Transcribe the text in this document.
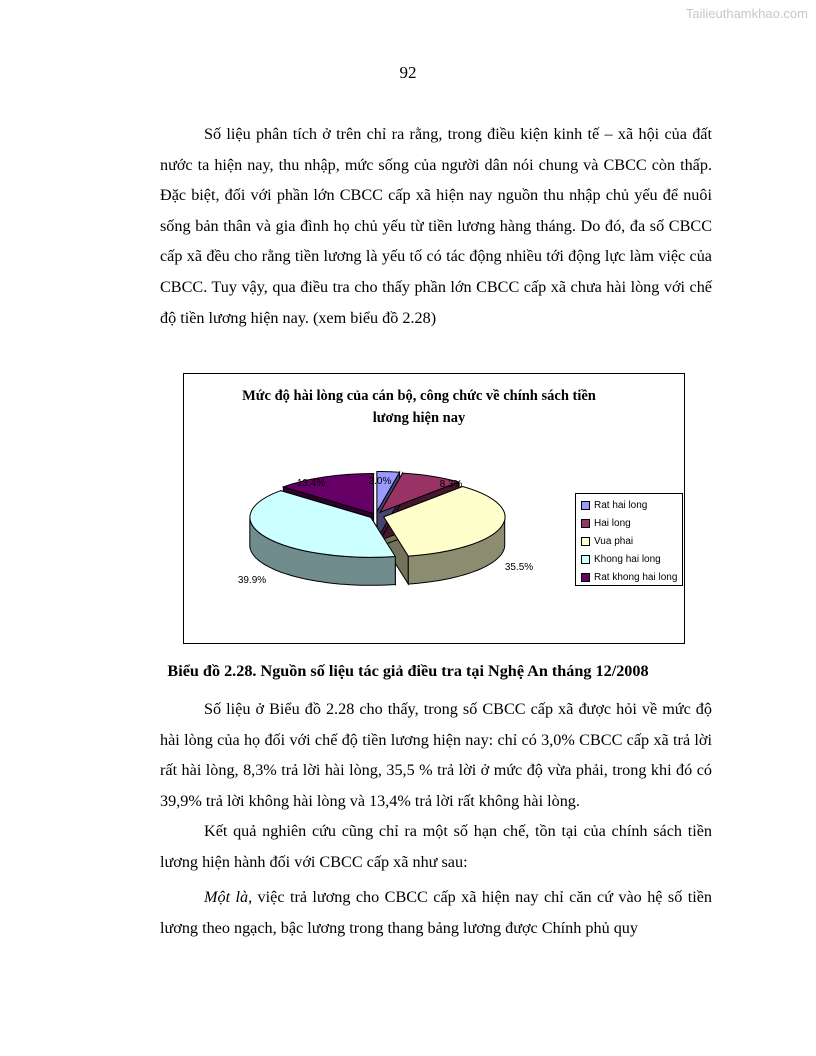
Tailieuthamkhao.com
92

Số liệu phân tích ở trên chỉ ra rằng, trong điều kiện kinh tế – xã hội của đất nước ta hiện nay, thu nhập, mức sống của người dân nói chung và CBCC còn thấp. Đặc biệt, đối với phần lớn CBCC cấp xã hiện nay nguồn thu nhập chủ yếu để nuôi sống bản thân và gia đình họ chủ yếu từ tiền lương hàng tháng. Do đó, đa số CBCC cấp xã đều cho rằng tiền lương là yếu tố có tác động nhiều tới động lực làm việc của CBCC. Tuy vậy, qua điều tra cho thấy phần lớn CBCC cấp xã chưa hài lòng với chế độ tiền lương hiện nay. (xem biểu đồ 2.28)

Mức độ hài lòng của cán bộ, công chức về chính sách tiền
lương hiện nay
3.0%	8.3%
35.5%
39.9%
13.4%
Rat hai long
Hai long
Vua phai
Khong hai long
Rat khong hai long
Biểu đồ 2.28. Nguồn số liệu tác giả điều tra tại Nghệ An tháng 12/2008

Số liệu ở Biểu đồ 2.28 cho thấy, trong số CBCC cấp xã được hỏi về mức độ hài lòng của họ đối với chế độ tiền lương hiện nay: chỉ có 3,0% CBCC cấp xã trả lời rất hài lòng, 8,3% trả lời hài lòng, 35,5 % trả lời ở mức độ vừa phải, trong khi đó có 39,9% trả lời không hài lòng và 13,4% trả lời rất không hài lòng.

Kết quả nghiên cứu cũng chỉ ra một số hạn chế, tồn tại của chính sách tiền lương hiện hành đối với CBCC cấp xã như sau:

Một là, việc trả lương cho CBCC cấp xã hiện nay chỉ căn cứ vào hệ số tiền lương theo ngạch, bậc lương trong thang bảng lương được Chính phủ quy
